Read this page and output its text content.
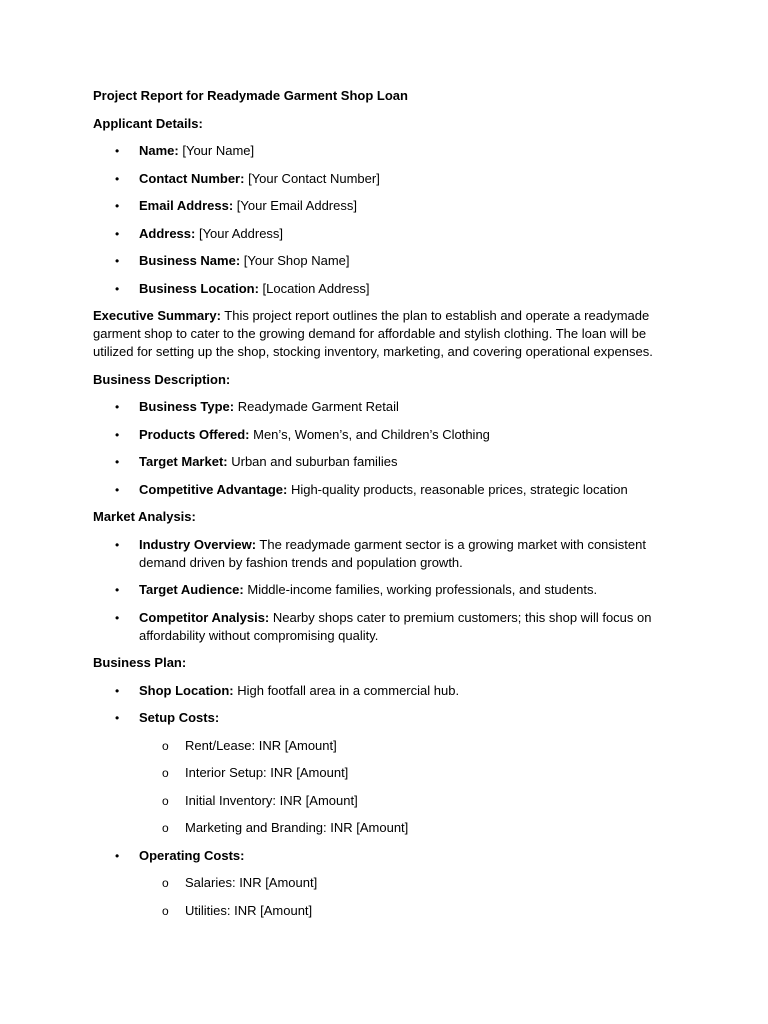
Project Report for Readymade Garment Shop Loan

Applicant Details:

• Name: [Your Name]
• Contact Number: [Your Contact Number]
• Email Address: [Your Email Address]
• Address: [Your Address]
• Business Name: [Your Shop Name]
• Business Location: [Location Address]

Executive Summary: This project report outlines the plan to establish and operate a readymade garment shop to cater to the growing demand for affordable and stylish clothing. The loan will be utilized for setting up the shop, stocking inventory, marketing, and covering operational expenses.

Business Description:

• Business Type: Readymade Garment Retail
• Products Offered: Men’s, Women’s, and Children’s Clothing
• Target Market: Urban and suburban families
• Competitive Advantage: High-quality products, reasonable prices, strategic location

Market Analysis:

• Industry Overview: The readymade garment sector is a growing market with consistent demand driven by fashion trends and population growth.
• Target Audience: Middle-income families, working professionals, and students.
• Competitor Analysis: Nearby shops cater to premium customers; this shop will focus on affordability without compromising quality.

Business Plan:

• Shop Location: High footfall area in a commercial hub.
• Setup Costs:
o Rent/Lease: INR [Amount]
o Interior Setup: INR [Amount]
o Initial Inventory: INR [Amount]
o Marketing and Branding: INR [Amount]
• Operating Costs:
o Salaries: INR [Amount]
o Utilities: INR [Amount]
